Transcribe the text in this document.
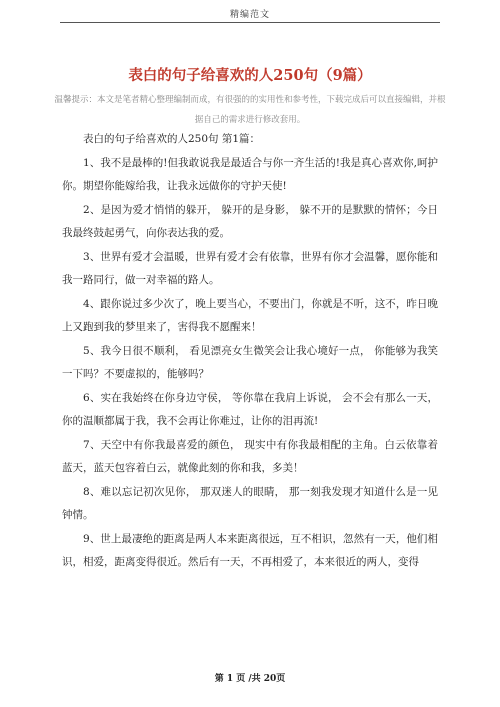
精编范文
表白的句子给喜欢的人250句（9篇）

温馨提示：本文是笔者精心整理编制而成，有很强的的实用性和参考性，下载完成后可以直接编辑，并根据自己的需求进行修改套用。

表白的句子给喜欢的人250句 第1篇：

1、我不是最棒的!但我敢说我是最适合与你一齐生活的!我是真心喜欢你,呵护你。期望你能嫁给我，让我永远做你的守护天使!

2、是因为爱才悄悄的躲开， 躲开的是身影， 躲不开的是默默的情怀；今日我最终鼓起勇气，向你表达我的爱。

3、世界有爱才会温暖，世界有爱才会有依靠，世界有你才会温馨，愿你能和我一路同行，做一对幸福的路人。

4、跟你说过多少次了，晚上要当心，不要出门，你就是不听，这不，昨日晚上又跑到我的梦里来了，害得我不愿醒来！

5、我今日很不顺利， 看见漂亮女生微笑会让我心境好一点， 你能够为我笑一下吗？不要虚拟的，能够吗？

6、实在我始终在你身边守侯， 等你靠在我肩上诉说， 会不会有那么一天，你的温顺都属于我，我不会再让你难过，让你的泪再流!

7、天空中有你我最喜爱的颜色， 现实中有你我最相配的主角。白云依靠着蓝天，蓝天包容着白云，就像此刻的你和我，多美！

8、难以忘记初次见你， 那双迷人的眼睛， 那一刻我发现才知道什么是一见钟情。

9、世上最凄绝的距离是两人本来距离很远，互不相识，忽然有一天，他们相识，相爱，距离变得很近。然后有一天，不再相爱了，本来很近的两人，变得

第 1 页 /共 20页
